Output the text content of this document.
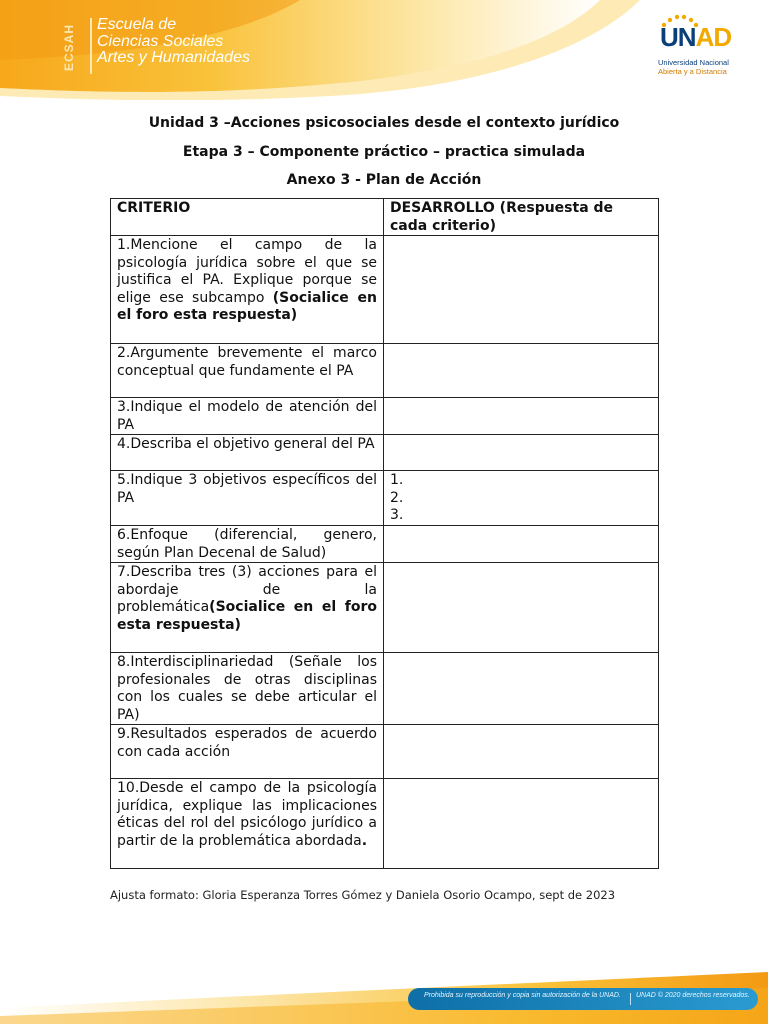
ECSAH	Escuela de
Ciencias Sociales
Artes y Humanidades
UNAD
Universidad Nacional
Abierta y a Distancia
Unidad 3 –Acciones psicosociales desde el contexto jurídico
Etapa 3 – Componente práctico – practica simulada
Anexo 3 - Plan de Acción
CRITERIO	DESARROLLO (Respuesta de cada criterio)
1.Mencione el campo de la psicología jurídica sobre el que se justifica el PA. Explique porque se elige ese subcampo (Socialice en el foro esta respuesta)	
2.Argumente brevemente el marco conceptual que fundamente el PA	
3.Indique el modelo de atención del PA	
4.Describa el objetivo general del PA	
5.Indique 3 objetivos específicos del PA	1.
2.
3.

6.Enfoque (diferencial, genero, según Plan Decenal de Salud)	
7.Describa tres (3) acciones para el abordaje de la problemática(Socialice en el foro esta respuesta)	
8.Interdisciplinariedad (Señale los profesionales de otras disciplinas con los cuales se debe articular el PA)	
9.Resultados esperados de acuerdo con cada acción	
10.Desde el campo de la psicología jurídica, explique las implicaciones éticas del rol del psicólogo jurídico a partir de la problemática abordada.	
Ajusta formato: Gloria Esperanza Torres Gómez y Daniela Osorio Ocampo, sept de 2023
Prohibida su reproducción y copia sin autorización de la UNAD. UNAD © 2020 derechos reservados.
